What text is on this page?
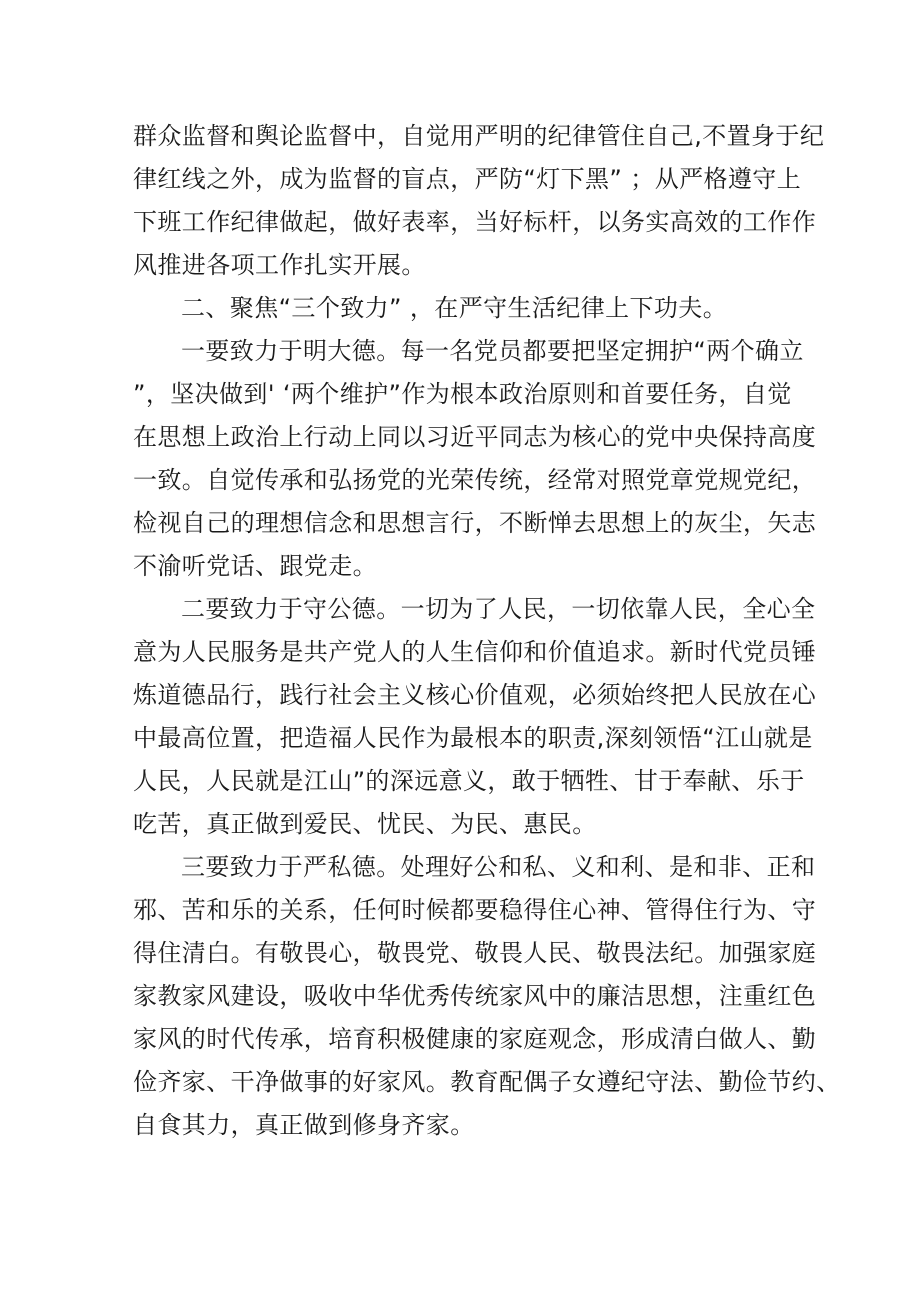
群众监督和舆论监督中，自觉用严明的纪律管住自己,不置身于纪
律红线之外，成为监督的盲点，严防“灯下黑” ；从严格遵守上
下班工作纪律做起，做好表率，当好标杆，以务实高效的工作作
风推进各项工作扎实开展。
二、聚焦“三个致力” ，在严守生活纪律上下功夫。
一要致力于明大德。每一名党员都要把坚定拥护“两个确立
”，坚决做到' ‘两个维护”作为根本政治原则和首要任务，自觉
在思想上政治上行动上同以习近平同志为核心的党中央保持高度
一致。自觉传承和弘扬党的光荣传统，经常对照党章党规党纪，
检视自己的理想信念和思想言行，不断惮去思想上的灰尘，矢志
不渝听党话、跟党走。
二要致力于守公德。一切为了人民，一切依靠人民，全心全
意为人民服务是共产党人的人生信仰和价值追求。新时代党员锤
炼道德品行，践行社会主义核心价值观，必须始终把人民放在心
中最高位置，把造福人民作为最根本的职责,深刻领悟“江山就是
人民，人民就是江山”的深远意义，敢于牺牲、甘于奉献、乐于
吃苦，真正做到爱民、忧民、为民、惠民。
三要致力于严私德。处理好公和私、义和利、是和非、正和
邪、苦和乐的关系，任何时候都要稳得住心神、管得住行为、守
得住清白。有敬畏心，敬畏党、敬畏人民、敬畏法纪。加强家庭
家教家风建设，吸收中华优秀传统家风中的廉洁思想，注重红色
家风的时代传承，培育积极健康的家庭观念，形成清白做人、勤
俭齐家、干净做事的好家风。教育配偶子女遵纪守法、勤俭节约、
自食其力，真正做到修身齐家。
